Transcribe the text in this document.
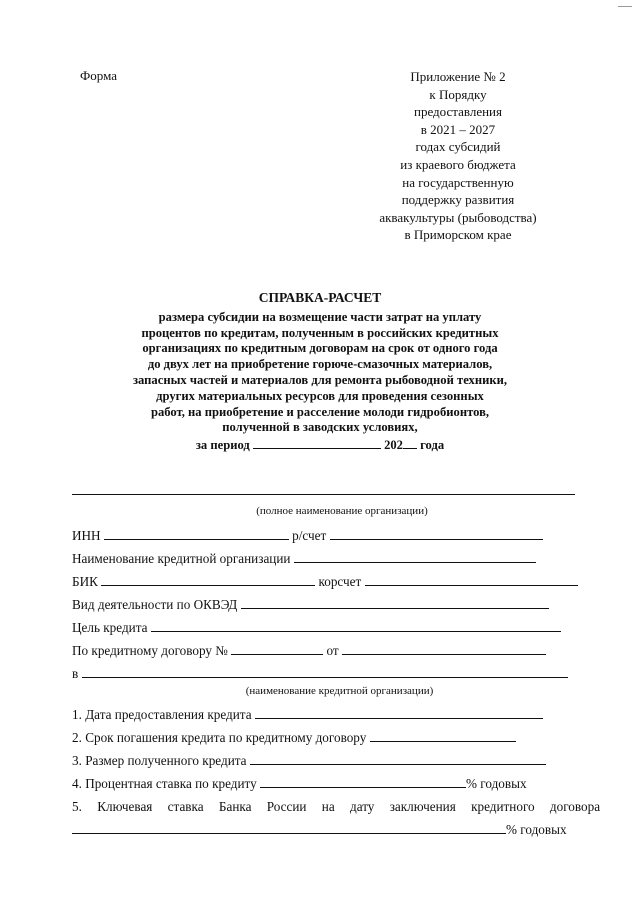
Форма	Приложение № 2
к Порядку
предоставления
в 2021 – 2027
годах субсидий
из краевого бюджета
на государственную
поддержку развития
аквакультуры (рыбоводства)
в Приморском крае
СПРАВКА-РАСЧЕТ
размера субсидии на возмещение части затрат на уплату
процентов по кредитам, полученным в российских кредитных
организациях по кредитным договорам на срок от одного года
до двух лет на приобретение горюче-смазочных материалов,
запасных частей и материалов для ремонта рыбоводной техники,
других материальных ресурсов для проведения сезонных
работ, на приобретение и расселение молоди гидробионтов,
полученной в заводских условиях,
за период	202 года
(полное наименование организации)
ИНН	р/счет
Наименование кредитной организации
БИК	корсчет
Вид деятельности по ОКВЭД
Цель кредита
По кредитному договору №	от
в
(наименование кредитной организации)
1. Дата предоставления кредита
2. Срок погашения кредита по кредитному договору
3. Размер полученного кредита
4. Процентная ставка по кредиту	% годовых
5. Ключевая ставка Банка России на дату заключения кредитного договора
% годовых
